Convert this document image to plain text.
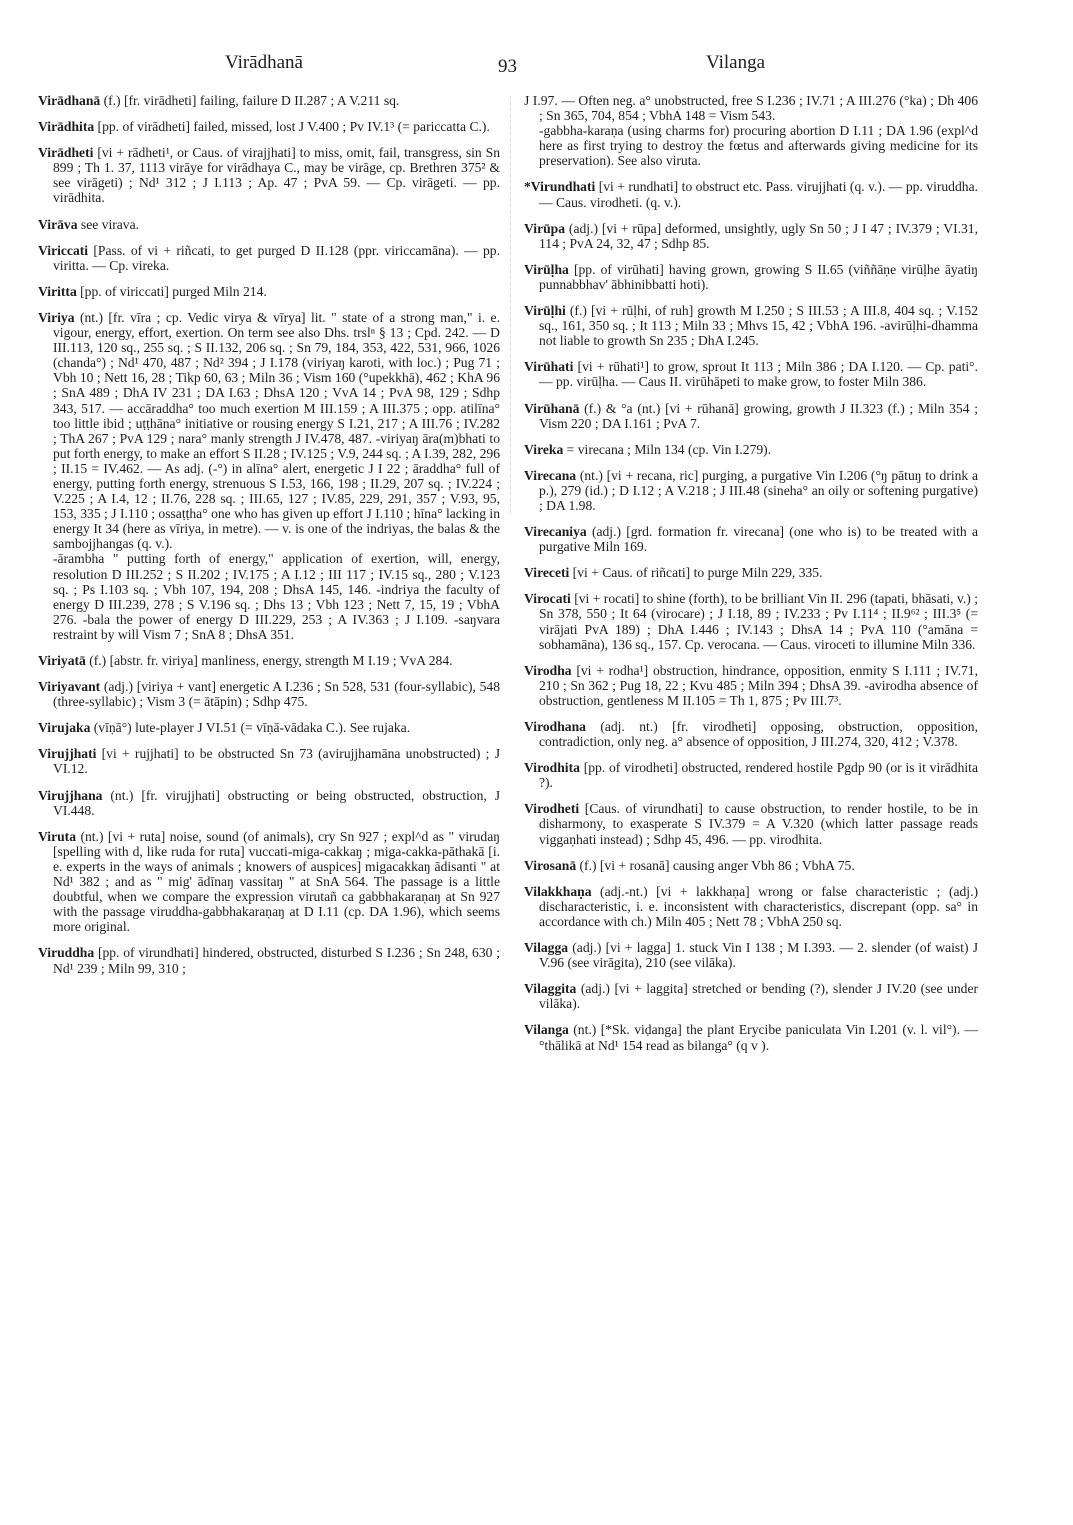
Virādhanā	93	Vilanga

Virādhanā (f.) [fr. virādheti] failing, failure D II.287 ; A V.211 sq.

Virādhita [pp. of virādheti] failed, missed, lost J V.400 ; Pv IV.1³ (= pariccatta C.).

Virādheti [vi + rādheti¹, or Caus. of virajjhati] to miss, omit, fail, transgress, sin Sn 899 ; Th 1. 37, 1113 virāye for virādhaya C., may be virāge, cp. Brethren 375² & see virāgeti) ; Nd¹ 312 ; J I.113 ; Ap. 47 ; PvA 59. — Cp. virāgeti. — pp. virādhita.

Virāva see virava.

Viriccati [Pass. of vi + riñcati, to get purged D II.128 (ppr. viriccamāna). — pp. viritta. — Cp. vireka.

Viritta [pp. of viriccati] purged Miln 214.

Viriya (nt.) [fr. vīra ; cp. Vedic virya & vīrya] lit. " state of a strong man," i. e. vigour, energy, effort, exertion. On term see also Dhs. trslⁿ § 13 ; Cpd. 242. — D III.113, 120 sq., 255 sq. ; S II.132, 206 sq. ; Sn 79, 184, 353, 422, 531, 966, 1026 (chanda°) ; Nd¹ 470, 487 ; Nd² 394 ; J I.178 (viriyaŋ karoti, with loc.) ; Pug 71 ; Vbh 10 ; Nett 16, 28 ; Tikp 60, 63 ; Miln 36 ; Vism 160 (°upekkhā), 462 ; KhA 96 ; SnA 489 ; DhA IV 231 ; DA I.63 ; DhsA 120 ; VvA 14 ; PvA 98, 129 ; Sdhp 343, 517. — accāraddha° too much exertion M III.159 ; A III.375 ; opp. atilīna° too little ibid ; uṭṭhāna° initiative or rousing energy S I.21, 217 ; A III.76 ; IV.282 ; ThA 267 ; PvA 129 ; nara° manly strength J IV.478, 487. -viriyaŋ āra(m)bhati to put forth energy, to make an effort S II.28 ; IV.125 ; V.9, 244 sq. ; A I.39, 282, 296 ; II.15 = IV.462. — As adj. (-°) in alīna° alert, energetic J I 22 ; āraddha° full of energy, putting forth energy, strenuous S I.53, 166, 198 ; II.29, 207 sq. ; IV.224 ; V.225 ; A I.4, 12 ; II.76, 228 sq. ; III.65, 127 ; IV.85, 229, 291, 357 ; V.93, 95, 153, 335 ; J I.110 ; ossaṭṭha° one who has given up effort J I.110 ; hīna° lacking in energy It 34 (here as vīriya, in metre). — v. is one of the indriyas, the balas & the sambojjhangas (q. v.).

-ārambha " putting forth of energy," application of exertion, will, energy, resolution D III.252 ; S II.202 ; IV.175 ; A I.12 ; III 117 ; IV.15 sq., 280 ; V.123 sq. ; Ps I.103 sq. ; Vbh 107, 194, 208 ; DhsA 145, 146. -indriya the faculty of energy D III.239, 278 ; S V.196 sq. ; Dhs 13 ; Vbh 123 ; Nett 7, 15, 19 ; VbhA 276. -bala the power of energy D III.229, 253 ; A IV.363 ; J I.109. -saŋvara restraint by will Vism 7 ; SnA 8 ; DhsA 351.

Viriyatā (f.) [abstr. fr. viriya] manliness, energy, strength M I.19 ; VvA 284.

Viriyavant (adj.) [viriya + vant] energetic A I.236 ; Sn 528, 531 (four-syllabic), 548 (three-syllabic) ; Vism 3 (= ātāpin) ; Sdhp 475.

Virujaka (vīṇā°) lute-player J VI.51 (= vīṇā-vādaka C.). See rujaka.

Virujjhati [vi + rujjhati] to be obstructed Sn 73 (avirujjhamāna unobstructed) ; J VI.12.

Virujjhana (nt.) [fr. virujjhati] obstructing or being obstructed, obstruction, J VI.448.

Viruta (nt.) [vi + ruta] noise, sound (of animals), cry Sn 927 ; expl^d as " virudaŋ [spelling with d, like ruda for ruta] vuccati-miga-cakkaŋ ; miga-cakka-pāthakā [i. e. experts in the ways of animals ; knowers of auspices] migacakkaŋ ādisanti " at Nd¹ 382 ; and as " mig' ādīnaŋ vassitaŋ " at SnA 564. The passage is a little doubtful, when we compare the expression virutañ ca gabbhakaraṇaŋ at Sn 927 with the passage viruddha-gabbhakaraṇaŋ at D I.11 (cp. DA 1.96), which seems more original.

Viruddha [pp. of virundhati] hindered, obstructed, disturbed S I.236 ; Sn 248, 630 ; Nd¹ 239 ; Miln 99, 310 ;

J I.97. — Often neg. a° unobstructed, free S I.236 ; IV.71 ; A III.276 (°ka) ; Dh 406 ; Sn 365, 704, 854 ; VbhA 148 = Vism 543.

-gabbha-karaṇa (using charms for) procuring abortion D I.11 ; DA 1.96 (expl^d here as first trying to destroy the fœtus and afterwards giving medicine for its preservation). See also viruta.

*Virundhati [vi + rundhati] to obstruct etc. Pass. virujjhati (q. v.). — pp. viruddha. — Caus. virodheti. (q. v.).

Virūpa (adj.) [vi + rūpa] deformed, unsightly, ugly Sn 50 ; J I 47 ; IV.379 ; VI.31, 114 ; PvA 24, 32, 47 ; Sdhp 85.

Virūḷha [pp. of virūhati] having grown, growing S II.65 (viññāṇe virūḷhe āyatiŋ punnabbhav' ābhinibbatti hoti).

Virūḷhi (f.) [vi + rūḷhi, of ruh] growth M I.250 ; S III.53 ; A III.8, 404 sq. ; V.152 sq., 161, 350 sq. ; It 113 ; Miln 33 ; Mhvs 15, 42 ; VbhA 196. -avirūḷhi-dhamma not liable to growth Sn 235 ; DhA I.245.

Virūhati [vi + rūhati¹] to grow, sprout It 113 ; Miln 386 ; DA I.120. — Cp. pati°. — pp. virūḷha. — Caus II. virūhāpeti to make grow, to foster Miln 386.

Virūhanā (f.) & °a (nt.) [vi + rūhanā] growing, growth J II.323 (f.) ; Miln 354 ; Vism 220 ; DA I.161 ; PvA 7.

Vireka = virecana ; Miln 134 (cp. Vin I.279).

Virecana (nt.) [vi + recana, ric] purging, a purgative Vin I.206 (°ŋ pātuŋ to drink a p.), 279 (id.) ; D I.12 ; A V.218 ; J III.48 (sineha° an oily or softening purgative) ; DA 1.98.

Virecaniya (adj.) [grd. formation fr. virecana] (one who is) to be treated with a purgative Miln 169.

Vireceti [vi + Caus. of riñcati] to purge Miln 229, 335.

Virocati [vi + rocati] to shine (forth), to be brilliant Vin II. 296 (tapati, bhāsati, v.) ; Sn 378, 550 ; It 64 (virocare) ; J I.18, 89 ; IV.233 ; Pv I.11⁴ ; II.9⁶² ; III.3⁵ (= virājati PvA 189) ; DhA I.446 ; IV.143 ; DhsA 14 ; PvA 110 (°amāna = sobhamāna), 136 sq., 157. Cp. verocana. — Caus. viroceti to illumine Miln 336.

Virodha [vi + rodha¹] obstruction, hindrance, opposition, enmity S I.111 ; IV.71, 210 ; Sn 362 ; Pug 18, 22 ; Kvu 485 ; Miln 394 ; DhsA 39. -avirodha absence of obstruction, gentleness M II.105 = Th 1, 875 ; Pv III.7³.

Virodhana (adj. nt.) [fr. virodheti] opposing, obstruction, opposition, contradiction, only neg. a° absence of opposition, J III.274, 320, 412 ; V.378.

Virodhita [pp. of virodheti] obstructed, rendered hostile Pgdp 90 (or is it virādhita ?).

Virodheti [Caus. of virundhati] to cause obstruction, to render hostile, to be in disharmony, to exasperate S IV.379 = A V.320 (which latter passage reads viggaṇhati instead) ; Sdhp 45, 496. — pp. virodhita.

Virosanā (f.) [vi + rosanā] causing anger Vbh 86 ; VbhA 75.

Vilakkhaṇa (adj.-nt.) [vi + lakkhaṇa] wrong or false characteristic ; (adj.) discharacteristic, i. e. inconsistent with characteristics, discrepant (opp. sa° in accordance with ch.) Miln 405 ; Nett 78 ; VbhA 250 sq.

Vilagga (adj.) [vi + lagga] 1. stuck Vin I 138 ; M I.393. — 2. slender (of waist) J V.96 (see virāgita), 210 (see vilāka).

Vilaggita (adj.) [vi + laggita] stretched or bending (?), slender J IV.20 (see under vilāka).

Vilanga (nt.) [*Sk. viḍanga] the plant Erycibe paniculata Vin I.201 (v. l. vil°). — °thālikā at Nd¹ 154 read as bilanga° (q v ).
